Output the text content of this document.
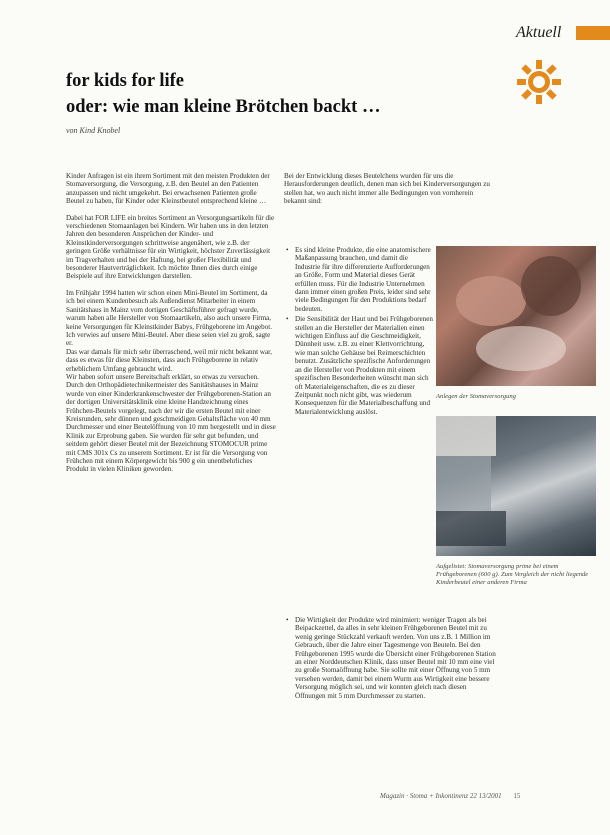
Aktuell
for kids for life
oder: wie man kleine Brötchen backt …
von Kind Knobel

Kinder Anfragen ist ein ihrem Sortiment mit den meisten Produkten der Stomaversorgung, die Versorgung, z.B. den Beutel an den Patienten anzupassen und nicht umgekehrt. Bei erwachsenen Patienten große Beutel zu haben, für Kinder oder Kleinstbeutel entsprechend kleine …

Dabei hat FOR LIFE ein breites Sortiment an Versorgungsartikeln für die verschiedenen Stomaanlagen bei Kindern. Wir haben uns in den letzten Jahren den besonderen Ansprüchen der Kinder- und Kleinstkinderversorgungen schrittweise angenähert, wie z.B. der geringen Größe verhältnisse für ein Wirtigkeit, höchster Zuverlässigkeit im Tragverhalten und bei der Haftung, bei großer Flexibilität und besonderer Hautverträglichkeit. Ich möchte Ihnen dies durch einige Beispiele auf ihre Entwicklungen darstellen.

Im Frühjahr 1994 hatten wir schon einen Mini-Beutel im Sortiment, da ich bei einem Kundenbesuch als Außendienst Mitarbeiter in einem Sanitätshaus in Mainz vom dortigen Geschäftsführer gefragt wurde, warum haben alle Hersteller von Stomaartikeln, also auch unsere Firma, keine Versorgungen für Kleinstkinder Babys, Frühgeborene im Angebot.

Ich verwies auf unsere Mini-Beutel. Aber diese seien viel zu groß, sagte er.

Das war damals für mich sehr überraschend, weil mir nicht bekannt war, dass es etwas für diese Kleinsten, dass auch Frühgeborene in relativ erheblichem Umfang gebraucht wird.

Wir haben sofort unsere Bereitschaft erklärt, so etwas zu versuchen. Durch den Orthopädietechnikermeister des Sanitätshauses in Mainz wurde von einer Kinderkrankenschwester der Frühgeborenen-Station an der dortigen Universitätsklinik eine kleine Handzeichnung eines Frühchen-Beutels vorgelegt, nach der wir die ersten Beutel mit einer Kreisrunden, sehr dünnen und geschmeidigen Gehaltsfläche von 40 mm Durchmesser und einer Beutelöffnung von 10 mm hergestellt und in diese Klinik zur Erprobung gaben. Sie wurden für sehr gut befunden, und seitdem gehört dieser Beutel mit der Bezeichnung STOMOCUR prime mit CMS 301x Cs zu unserem Sortiment. Er ist für die Versorgung von Frühchen mit einem Körpergewicht bis 900 g ein unentbehrliches Produkt in vielen Kliniken geworden.

Bei der Entwicklung dieses Beutelchens wurden für uns die Herausforderungen deutlich, denen man sich bei Kinderversorgungen zu stellen hat, wo auch nicht immer alle Bedingungen von vornherein bekannt sind:

• Es sind kleine Produkte, die eine anatomischere Maßanpassung brauchen, und damit die Industrie für ihre differenzierte Aufforderungen an Größe, Form und Material dieses Gerät erfüllen muss. Für die Industrie Unternehmen dann immer einen großen Preis, leider sind sehr viele Bedingungen für den Produktions bedarf bedeuten.
• Die Sensibilität der Haut und bei Frühgeborenen stellen an die Hersteller der Materialien einen wichtigen Einfluss auf die Geschmeidigkeit, Dünnheit usw. z.B. zu einer Klettvorrichtung, wie man solche Gehäuse bei Reimerschichten benutzt. Zusätzliche spezifische Anforderungen an die Hersteller von Produkten mit einem spezifischen Besonderheiten wünscht man sich oft Materialeigenschaften, die es zu dieser Zeitpunkt noch nicht gibt, was wiederum Konsequenzen für die Materialbeschaffung und Materialentwicklung auslöst.
• Die Wirtigkeit der Produkte wird minimiert: weniger Tragen als bei Beipackzettel, da alles in sehr kleinen Frühgeborenen Beutel mit zu wenig geringe Stückzahl verkauft werden. Von uns z.B. 1 Million im Gebrauch, über die Jahre einer Tagesmenge von Beuteln. Bei den Frühgeborenen 1995 wurde die Übersicht einer Frühgeborenen Station an einer Norddeutschen Klinik, dass unser Beutel mit 10 mm eine viel zu große Stomaöffnung habe. Sie sollte mit einer Öffnung von 5 mm versehen werden, damit bei einem Wurm aus Wirtigkeit eine bessere Versorgung möglich sei, und wir konnten gleich nach diesen Öffnungen mit 5 mm Durchmesser zu starten.
Anlegen der Stomaversorgung
Aufgelistet: Stomaversorgung prime bei einem Frühgeborenen (600 g). Zum Vergleich der nicht liegende Kinderbeutel einer anderen Firma
Magazin · Stoma + Inkontinenz 22 13/2001 15
